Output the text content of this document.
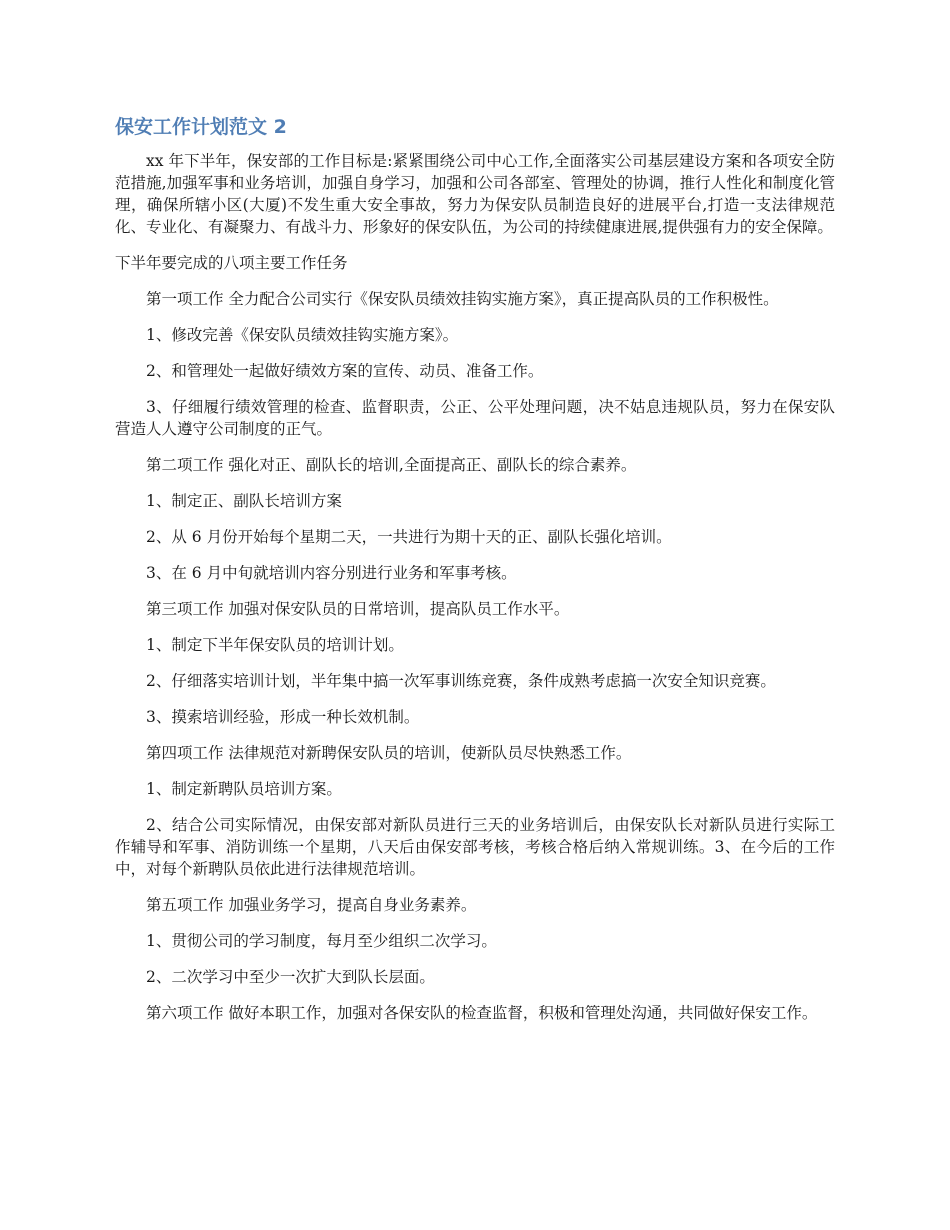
保安工作计划范文 2

xx 年下半年，保安部的工作目标是:紧紧围绕公司中心工作,全面落实公司基层建设方案和各项安全防范措施,加强军事和业务培训，加强自身学习，加强和公司各部室、管理处的协调，推行人性化和制度化管理，确保所辖小区(大厦)不发生重大安全事故，努力为保安队员制造良好的进展平台,打造一支法律规范化、专业化、有凝聚力、有战斗力、形象好的保安队伍，为公司的持续健康进展,提供强有力的安全保障。

下半年要完成的八项主要工作任务

第一项工作 全力配合公司实行《保安队员绩效挂钩实施方案》，真正提高队员的工作积极性。

1、修改完善《保安队员绩效挂钩实施方案》。

2、和管理处一起做好绩效方案的宣传、动员、准备工作。

3、仔细履行绩效管理的检查、监督职责，公正、公平处理问题，决不姑息违规队员，努力在保安队营造人人遵守公司制度的正气。

第二项工作 强化对正、副队长的培训,全面提高正、副队长的综合素养。

1、制定正、副队长培训方案

2、从 6 月份开始每个星期二天，一共进行为期十天的正、副队长强化培训。

3、在 6 月中旬就培训内容分别进行业务和军事考核。

第三项工作 加强对保安队员的日常培训，提高队员工作水平。

1、制定下半年保安队员的培训计划。

2、仔细落实培训计划，半年集中搞一次军事训练竞赛，条件成熟考虑搞一次安全知识竞赛。

3、摸索培训经验，形成一种长效机制。

第四项工作 法律规范对新聘保安队员的培训，使新队员尽快熟悉工作。

1、制定新聘队员培训方案。

2、结合公司实际情况，由保安部对新队员进行三天的业务培训后，由保安队长对新队员进行实际工作辅导和军事、消防训练一个星期，八天后由保安部考核，考核合格后纳入常规训练。3、在今后的工作中，对每个新聘队员依此进行法律规范培训。

第五项工作 加强业务学习，提高自身业务素养。

1、贯彻公司的学习制度，每月至少组织二次学习。

2、二次学习中至少一次扩大到队长层面。

第六项工作 做好本职工作，加强对各保安队的检查监督，积极和管理处沟通，共同做好保安工作。
